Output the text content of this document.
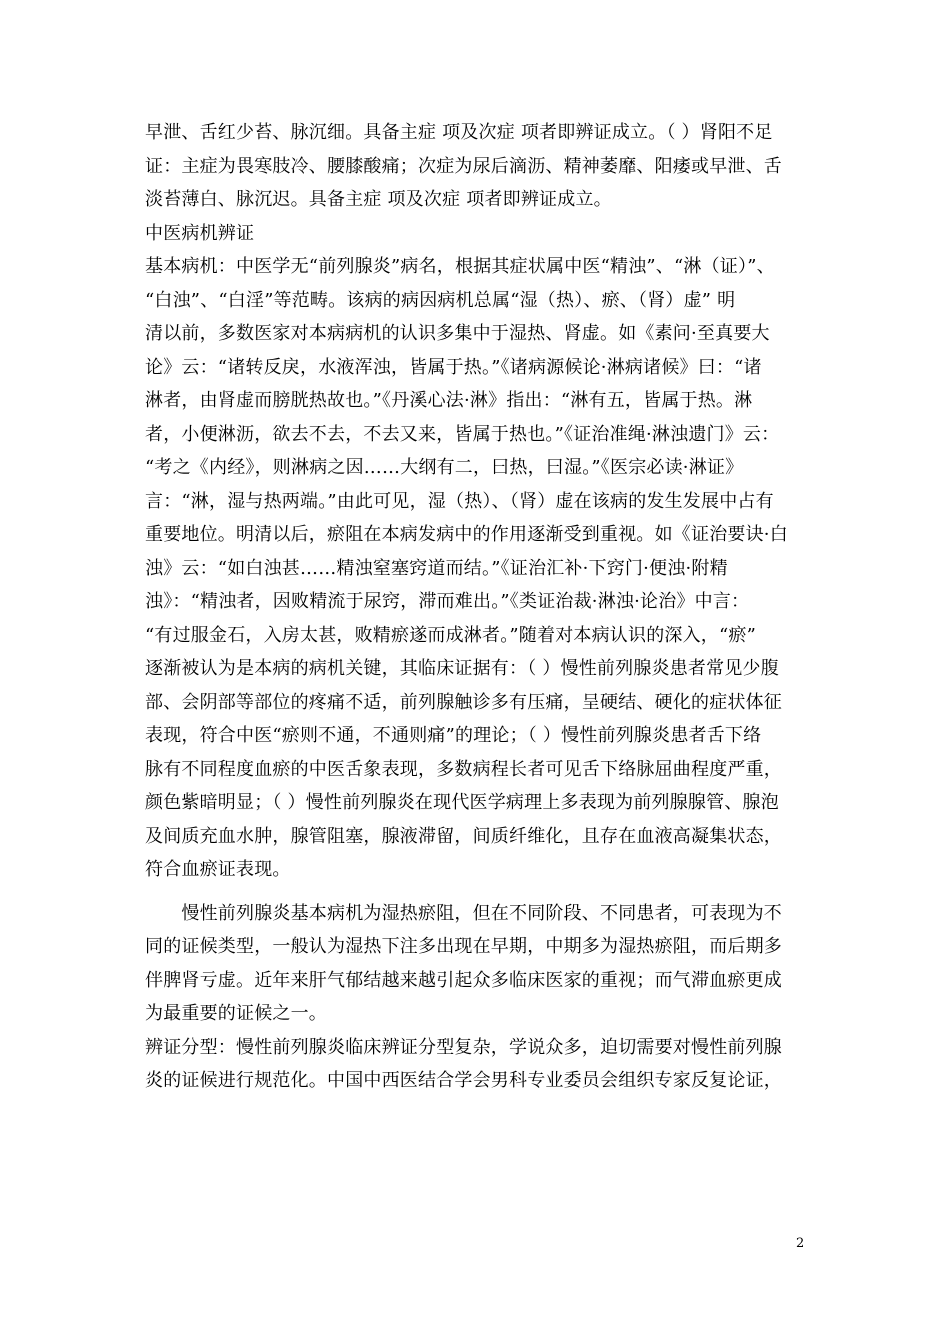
早泄、舌红少苔、脉沉细。具备主症 项及次症 项者即辨证成立。（ ）肾阳不足
证：主症为畏寒肢冷、腰膝酸痛；次症为尿后滴沥、精神萎靡、阳痿或早泄、舌
淡苔薄白、脉沉迟。具备主症 项及次症 项者即辨证成立。
中医病机辨证
基本病机：中医学无“前列腺炎”病名，根据其症状属中医“精浊”、“淋（证）”、
“白浊”、“白淫”等范畴。该病的病因病机总属“湿（热）、瘀、（肾）虚” 明
清以前，多数医家对本病病机的认识多集中于湿热、肾虚。如《素问·至真要大
论》云：“诸转反戾，水液浑浊，皆属于热。”《诸病源候论·淋病诸候》曰：“诸
淋者，由肾虚而膀胱热故也。”《丹溪心法·淋》指出：“淋有五，皆属于热。淋
者，小便淋沥，欲去不去，不去又来，皆属于热也。”《证治准绳·淋浊遗门》云：
“考之《内经》，则淋病之因……大纲有二，曰热，曰湿。”《医宗必读·淋证》
言：“淋，湿与热两端。”由此可见，湿（热）、（肾）虚在该病的发生发展中占有
重要地位。明清以后，瘀阻在本病发病中的作用逐渐受到重视。如《证治要诀·白
浊》云：“如白浊甚……精浊窒塞窍道而结。”《证治汇补·下窍门·便浊·附精
浊》：“精浊者，因败精流于尿窍，滞而难出。”《类证治裁·淋浊·论治》中言：
“有过服金石，入房太甚，败精瘀遂而成淋者。”随着对本病认识的深入，“瘀”
逐渐被认为是本病的病机关键，其临床证据有：（ ）慢性前列腺炎患者常见少腹
部、会阴部等部位的疼痛不适，前列腺触诊多有压痛，呈硬结、硬化的症状体征
表现，符合中医“瘀则不通，不通则痛”的理论；（ ）慢性前列腺炎患者舌下络
脉有不同程度血瘀的中医舌象表现，多数病程长者可见舌下络脉屈曲程度严重，
颜色紫暗明显；（ ）慢性前列腺炎在现代医学病理上多表现为前列腺腺管、腺泡
及间质充血水肿，腺管阻塞，腺液滞留，间质纤维化，且存在血液高凝集状态，
符合血瘀证表现。
　　慢性前列腺炎基本病机为湿热瘀阻，但在不同阶段、不同患者，可表现为不
同的证候类型，一般认为湿热下注多出现在早期，中期多为湿热瘀阻，而后期多
伴脾肾亏虚。近年来肝气郁结越来越引起众多临床医家的重视；而气滞血瘀更成
为最重要的证候之一。
辨证分型：慢性前列腺炎临床辨证分型复杂，学说众多，迫切需要对慢性前列腺
炎的证候进行规范化。中国中西医结合学会男科专业委员会组织专家反复论证，
2
